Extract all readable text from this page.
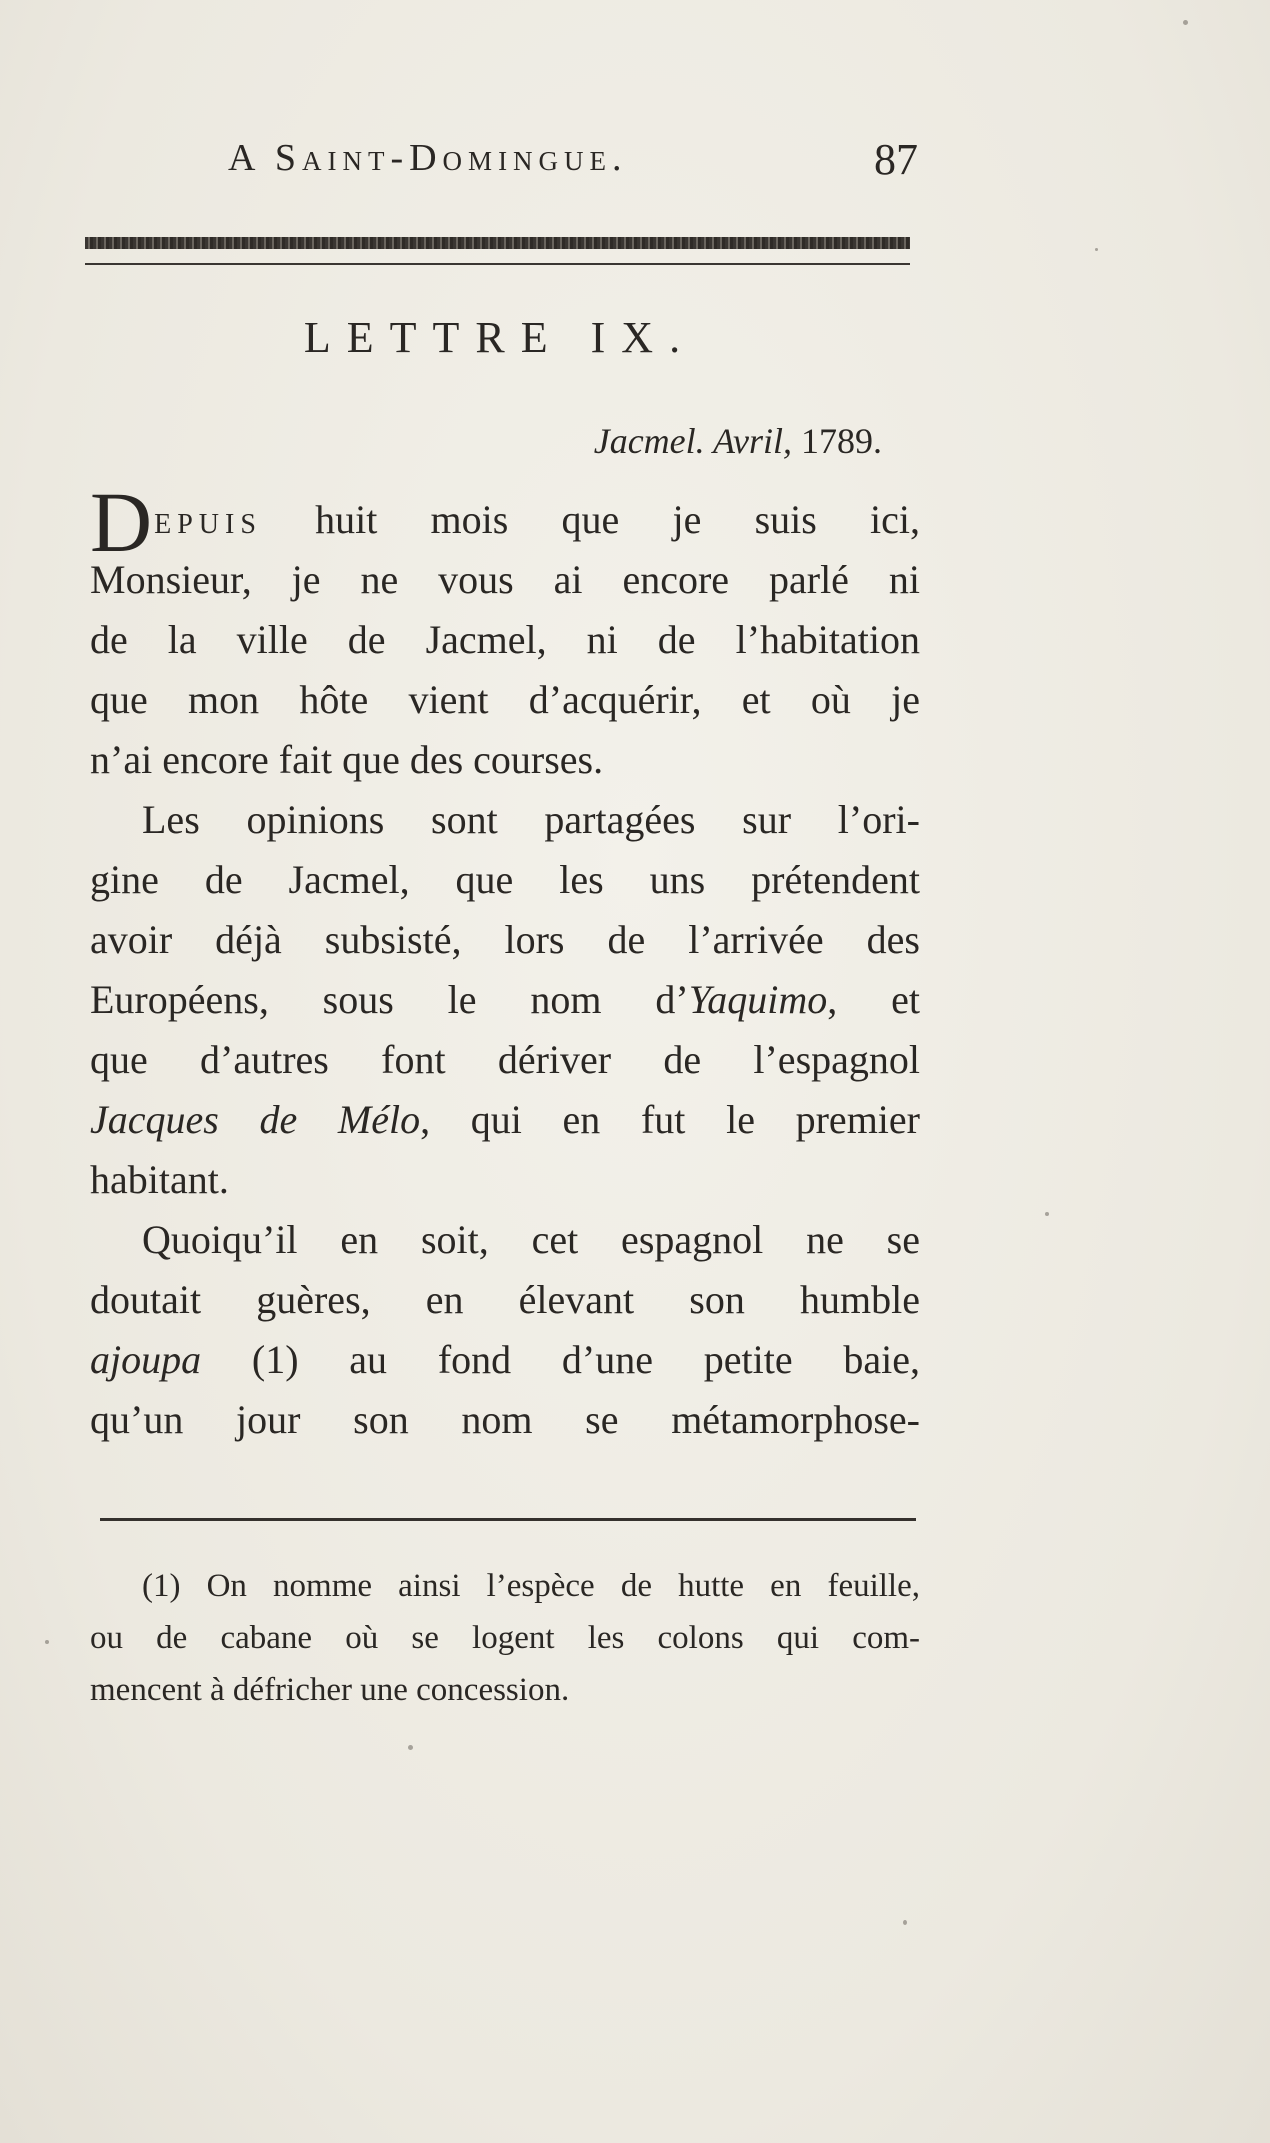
A Saint-Domingue.	87
LETTRE IX.
Jacmel. Avril, 1789.
DEPUIS huit mois que je suis ici,
Monsieur, je ne vous ai encore parlé ni
de la ville de Jacmel, ni de l’habitation
que mon hôte vient d’acquérir, et où je
n’ai encore fait que des courses.
Les opinions sont partagées sur l’ori-
gine de Jacmel, que les uns prétendent
avoir déjà subsisté, lors de l’arrivée des
Européens, sous le nom d’Yaquimo, et
que d’autres font dériver de l’espagnol
Jacques de Mélo, qui en fut le premier
habitant.
Quoiqu’il en soit, cet espagnol ne se
doutait guères, en élevant son humble
ajoupa (1) au fond d’une petite baie,
qu’un jour son nom se métamorphose-
(1) On nomme ainsi l’espèce de hutte en feuille,
ou de cabane où se logent les colons qui com-
mencent à défricher une concession.
